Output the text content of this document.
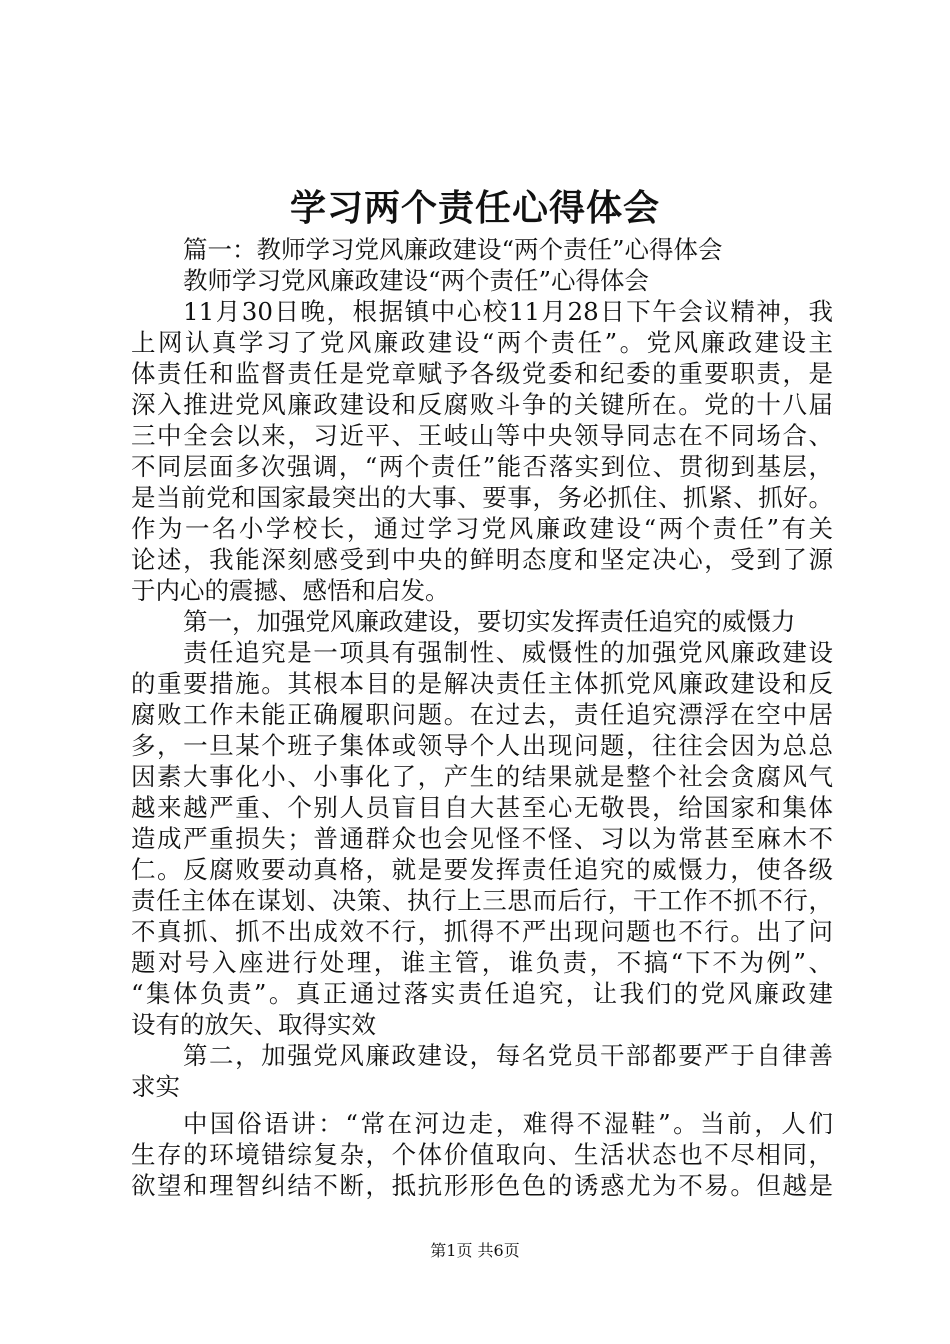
学习两个责任心得体会
篇一：教师学习党风廉政建设“两个责任”心得体会
教师学习党风廉政建设“两个责任”心得体会
11月30日晚，根据镇中心校11月28日下午会议精神，我
上网认真学习了党风廉政建设“两个责任”。党风廉政建设主
体责任和监督责任是党章赋予各级党委和纪委的重要职责，是
深入推进党风廉政建设和反腐败斗争的关键所在。党的十八届
三中全会以来，习近平、王岐山等中央领导同志在不同场合、
不同层面多次强调，“两个责任”能否落实到位、贯彻到基层，
是当前党和国家最突出的大事、要事，务必抓住、抓紧、抓好。
作为一名小学校长，通过学习党风廉政建设“两个责任”有关
论述，我能深刻感受到中央的鲜明态度和坚定决心，受到了源
于内心的震撼、感悟和启发。
第一，加强党风廉政建设，要切实发挥责任追究的威慑力
责任追究是一项具有强制性、威慑性的加强党风廉政建设
的重要措施。其根本目的是解决责任主体抓党风廉政建设和反
腐败工作未能正确履职问题。在过去，责任追究漂浮在空中居
多，一旦某个班子集体或领导个人出现问题，往往会因为总总
因素大事化小、小事化了，产生的结果就是整个社会贪腐风气
越来越严重、个别人员盲目自大甚至心无敬畏，给国家和集体
造成严重损失；普通群众也会见怪不怪、习以为常甚至麻木不
仁。反腐败要动真格，就是要发挥责任追究的威慑力，使各级
责任主体在谋划、决策、执行上三思而后行，干工作不抓不行，
不真抓、抓不出成效不行，抓得不严出现问题也不行。出了问
题对号入座进行处理，谁主管，谁负责，不搞“下不为例”、
“集体负责”。真正通过落实责任追究，让我们的党风廉政建
设有的放矢、取得实效
第二，加强党风廉政建设，每名党员干部都要严于自律善
求实
中国俗语讲：“常在河边走，难得不湿鞋”。当前，人们
生存的环境错综复杂，个体价值取向、生活状态也不尽相同，
欲望和理智纠结不断，抵抗形形色色的诱惑尤为不易。但越是
第1页 共6页
